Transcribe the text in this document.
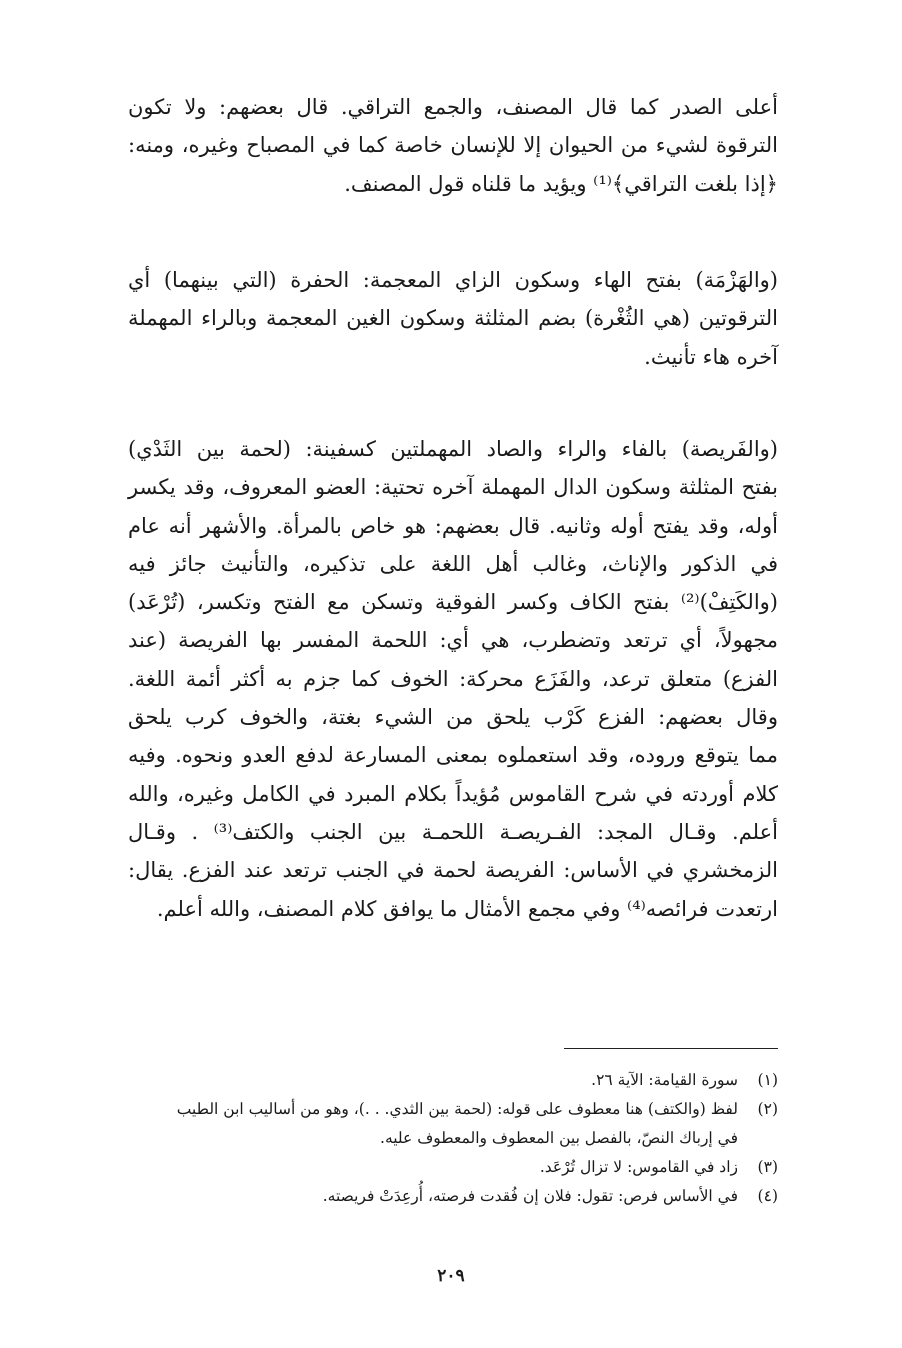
أعلى الصدر كما قال المصنف، والجمع التراقي. قال بعضهم: ولا تكون
الترقوة لشيء من الحيوان إلا للإنسان خاصة كما في المصباح وغيره، ومنه:
﴿إذا بلغت التراقي﴾⁽¹⁾ ويؤيد ما قلناه قول المصنف.
(والهَزْمَة) بفتح الهاء وسكون الزاي المعجمة: الحفرة (التي بينهما) أي
الترقوتين (هي الثُغْرة) بضم المثلثة وسكون الغين المعجمة وبالراء المهملة
آخره هاء تأنيث.
(والفَريصة) بالفاء والراء والصاد المهملتين كسفينة: (لحمة بين الثَدْي)
بفتح المثلثة وسكون الدال المهملة آخره تحتية: العضو المعروف، وقد يكسر
أوله، وقد يفتح أوله وثانيه. قال بعضهم: هو خاص بالمرأة. والأشهر أنه عام
في الذكور والإناث، وغالب أهل اللغة على تذكيره، والتأنيث جائز فيه
(والكَتِفْ)⁽²⁾ بفتح الكاف وكسر الفوقية وتسكن مع الفتح وتكسر، (تُرْعَد)
مجهولاً، أي ترتعد وتضطرب، هي أي: اللحمة المفسر بها الفريصة (عند
الفزع) متعلق ترعد، والفَزَع محركة: الخوف كما جزم به أكثر أئمة اللغة.
وقال بعضهم: الفزع كَرْب يلحق من الشيء بغتة، والخوف كرب يلحق
مما يتوقع وروده، وقد استعملوه بمعنى المسارعة لدفع العدو ونحوه. وفيه
كلام أوردته في شرح القاموس مُؤيداً بكلام المبرد في الكامل وغيره، والله
أعلم. وقـال المجد: الفـريصـة اللحمـة بين الجنب والكتف⁽³⁾ . وقـال
الزمخشري في الأساس: الفريصة لحمة في الجنب ترتعد عند الفزع. يقال:
ارتعدت فرائصه⁽⁴⁾ وفي مجمع الأمثال ما يوافق كلام المصنف، والله أعلم.
(١)
سورة القيامة: الآية ٢٦.
(٢)
لفظ (والكتف) هنا معطوف على قوله: (لحمة بين الثدي. . .)، وهو من أساليب ابن الطيب
في إرباك النصّ، بالفصل بين المعطوف والمعطوف عليه.
(٣)
زاد في القاموس: لا تزال تُرْعَد.
(٤)
في الأساس فرص: تقول: فلان إن فُقدت فرصته، أُرعِدَتْ فريصته.
٢٠٩
